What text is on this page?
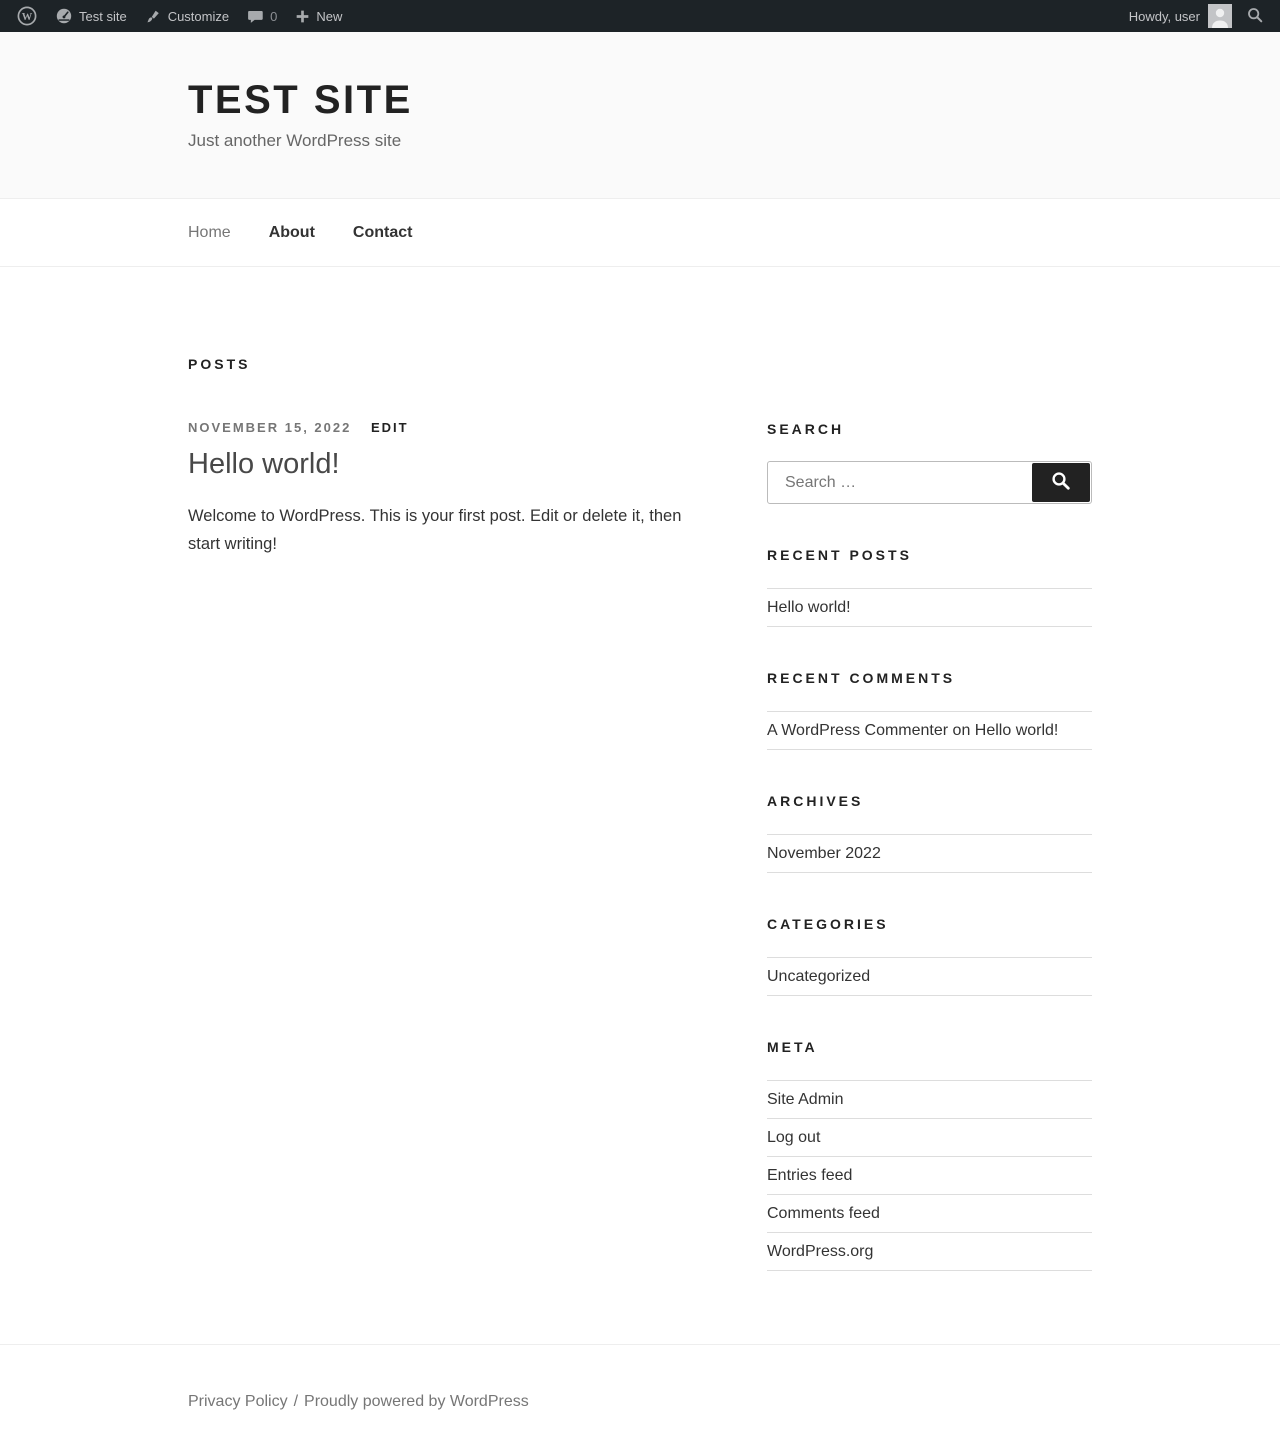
W	Test site	Customize	0	New	Howdy, user
TEST SITE

Just another WordPress site

Home About Contact
POSTS
NOVEMBER 15, 2022 EDIT
Hello world!

Welcome to WordPress. This is your first post. Edit or delete it, then start writing!

SEARCH
Search …
RECENT POSTS
Hello world!
RECENT COMMENTS
A WordPress Commenter on Hello world!
ARCHIVES
November 2022
CATEGORIES
Uncategorized
META
Site Admin
Log out
Entries feed
Comments feed
WordPress.org

Privacy Policy / Proudly powered by WordPress
